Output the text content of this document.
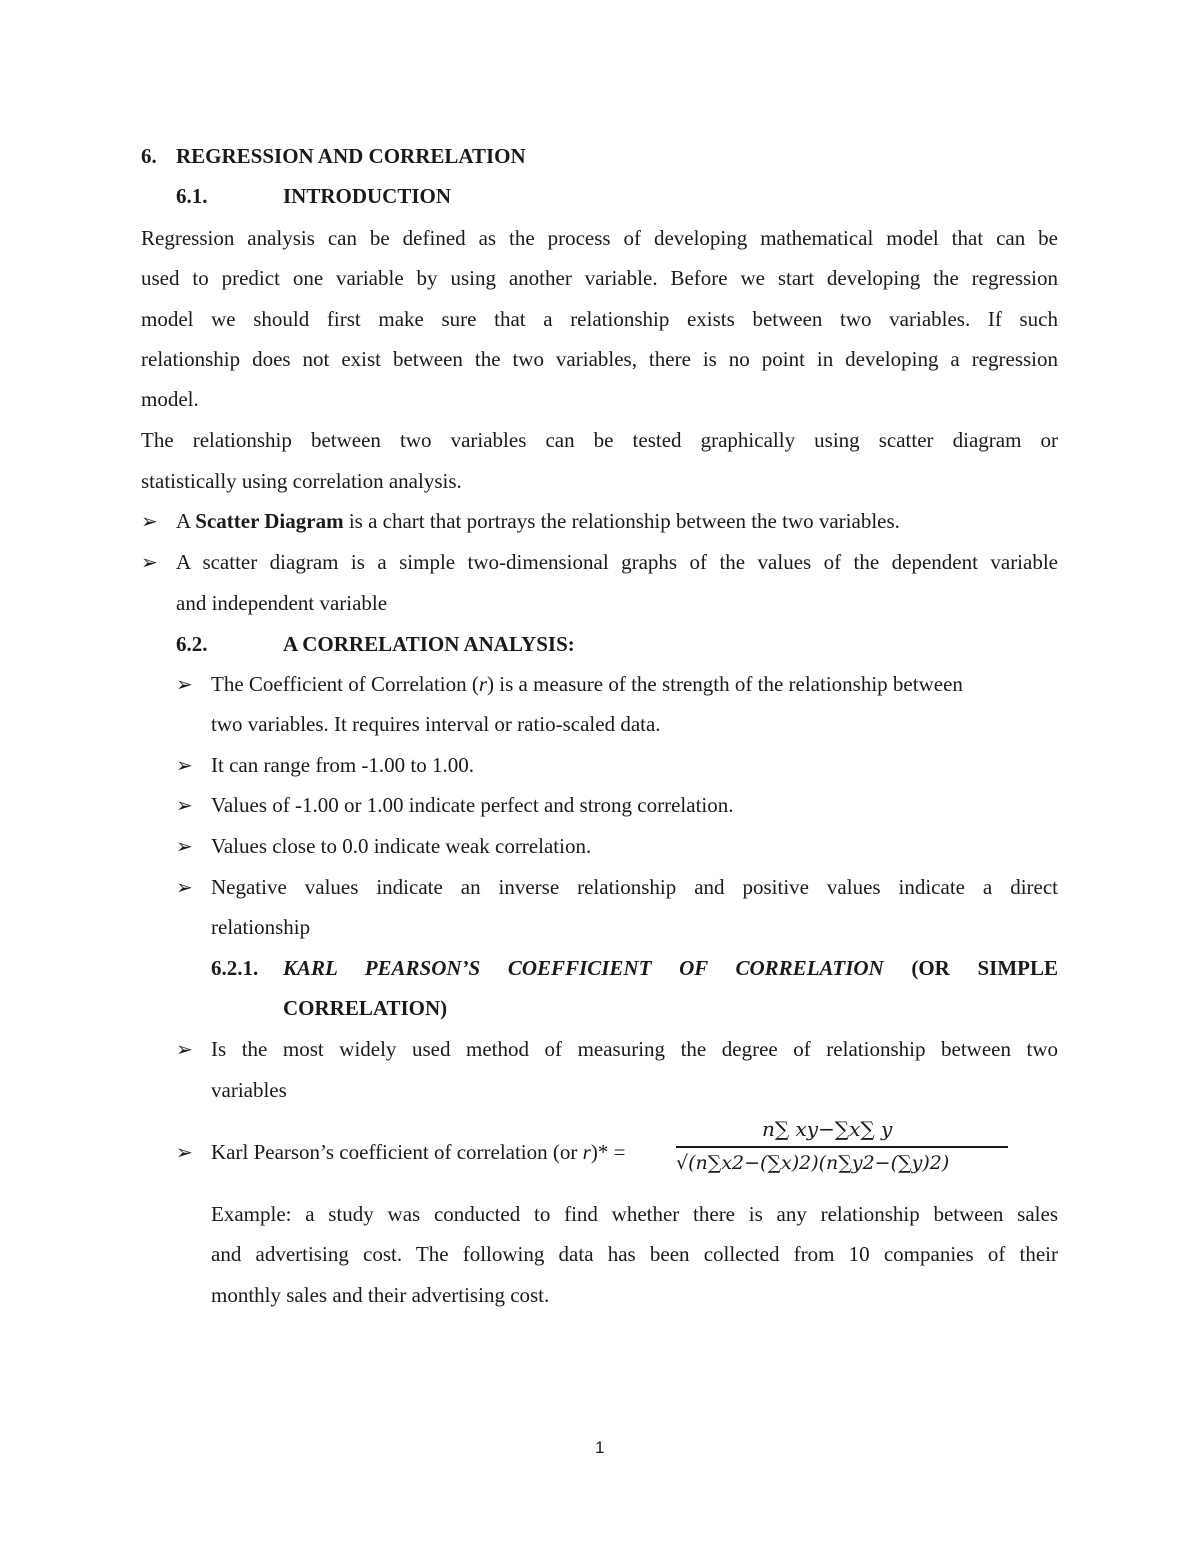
6. REGRESSION AND CORRELATION
6.1.	INTRODUCTION
Regression analysis can be defined as the process of developing mathematical model that can be
used to predict one variable by using another variable. Before we start developing the regression
model we should first make sure that a relationship exists between two variables. If such
relationship does not exist between the two variables, there is no point in developing a regression
model.
The relationship between two variables can be tested graphically using scatter diagram or
statistically using correlation analysis.
➢ A Scatter Diagram is a chart that portrays the relationship between the two variables.
➢ A scatter diagram is a simple two-dimensional graphs of the values of the dependent variable
and independent variable
6.2.	A CORRELATION ANALYSIS:
➢ The Coefficient of Correlation (r) is a measure of the strength of the relationship between
two variables. It requires interval or ratio-scaled data.
➢ It can range from -1.00 to 1.00.
➢ Values of -1.00 or 1.00 indicate perfect and strong correlation.
➢ Values close to 0.0 indicate weak correlation.
➢ Negative values indicate an inverse relationship and positive values indicate a direct
relationship
6.2.1. KARL PEARSON’S COEFFICIENT OF CORRELATION (OR SIMPLE
CORRELATION)
➢ Is the most widely used method of measuring the degree of relationship between two
variables
➢ Karl Pearson’s coefficient of correlation (or r)* =
n∑ xy−∑x∑ y
√(n∑x2−(∑x)2)(n∑y2−(∑y)2)
Example: a study was conducted to find whether there is any relationship between sales
and advertising cost. The following data has been collected from 10 companies of their
monthly sales and their advertising cost.
1
